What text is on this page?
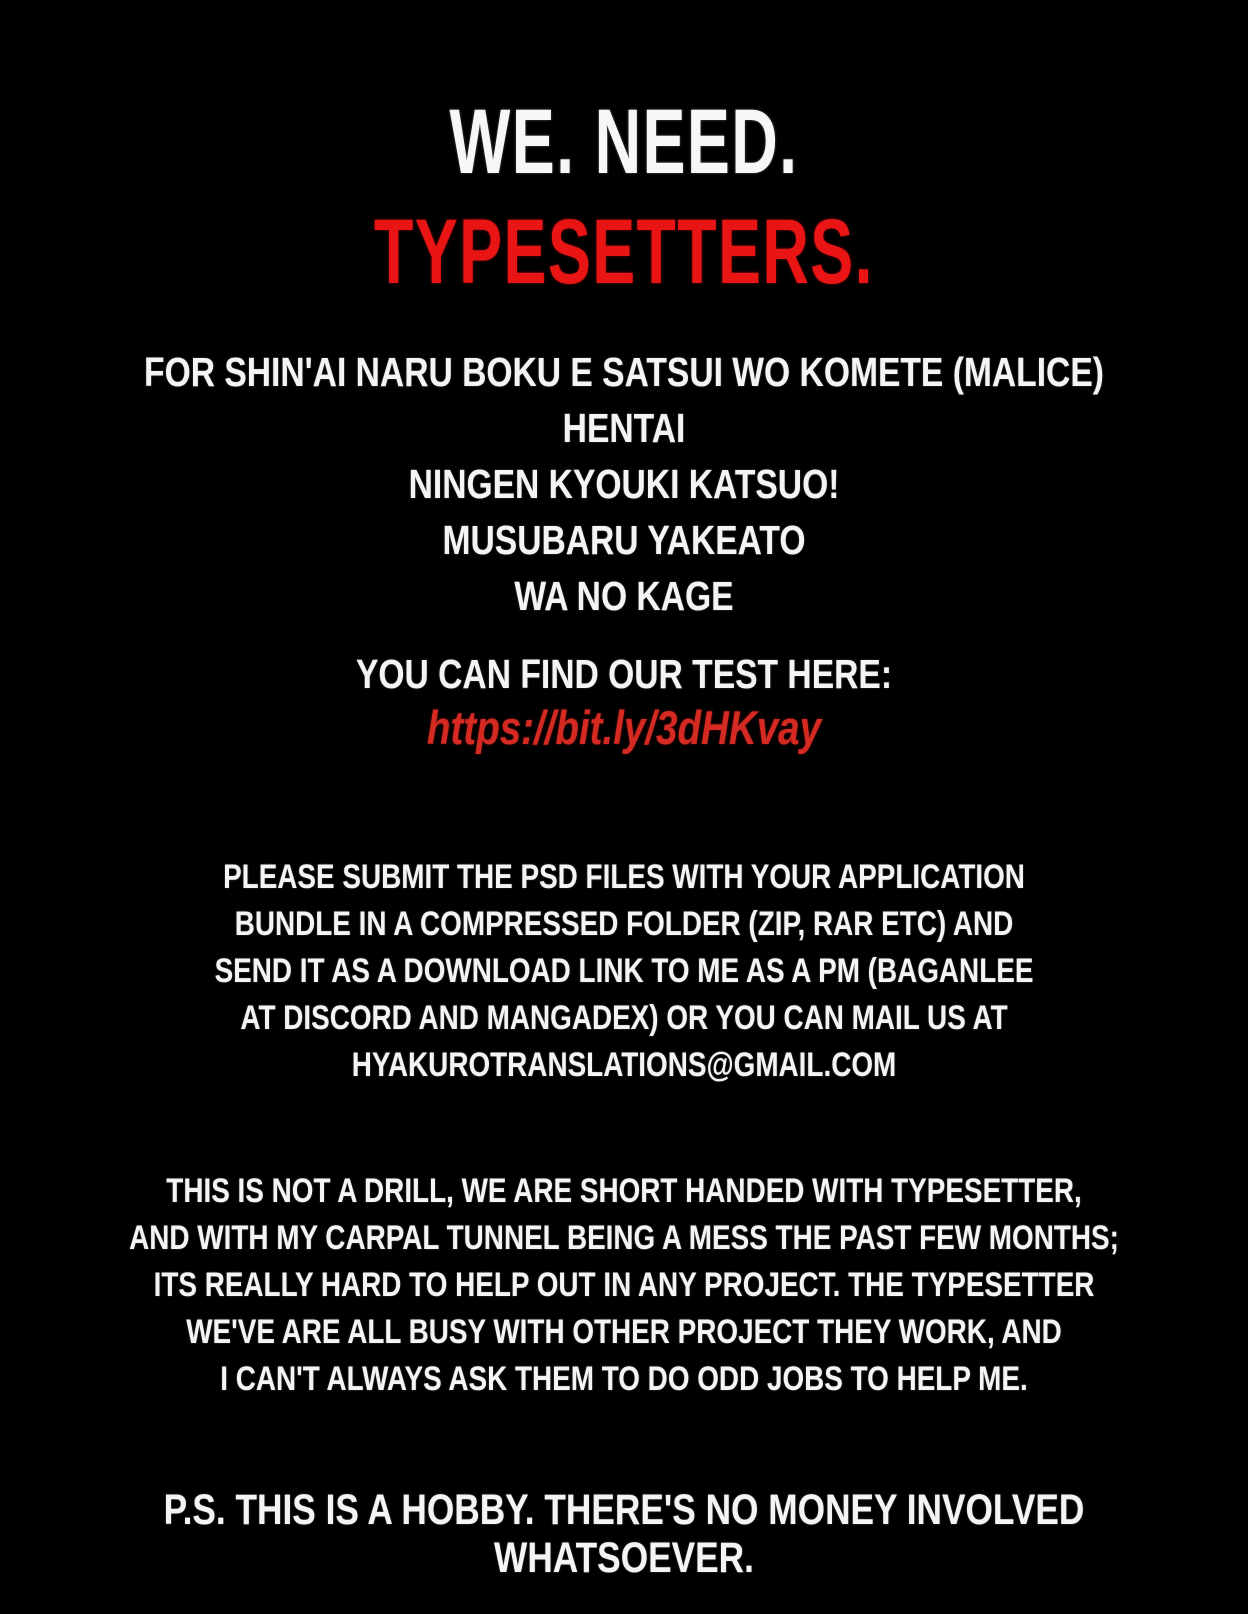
WE. NEED.
TYPESETTERS.
FOR SHIN'AI NARU BOKU E SATSUI WO KOMETE (MALICE)
HENTAI
NINGEN KYOUKI KATSUO!
MUSUBARU YAKEATO
WA NO KAGE
YOU CAN FIND OUR TEST HERE:
https://bit.ly/3dHKvay
PLEASE SUBMIT THE PSD FILES WITH YOUR APPLICATION
BUNDLE IN A COMPRESSED FOLDER (ZIP, RAR ETC) AND
SEND IT AS A DOWNLOAD LINK TO ME AS A PM (BAGANLEE
AT DISCORD AND MANGADEX) OR YOU CAN MAIL US AT
HYAKUROTRANSLATIONS@GMAIL.COM
THIS IS NOT A DRILL, WE ARE SHORT HANDED WITH TYPESETTER,
AND WITH MY CARPAL TUNNEL BEING A MESS THE PAST FEW MONTHS;
ITS REALLY HARD TO HELP OUT IN ANY PROJECT. THE TYPESETTER
WE'VE ARE ALL BUSY WITH OTHER PROJECT THEY WORK, AND
I CAN'T ALWAYS ASK THEM TO DO ODD JOBS TO HELP ME.
P.S. THIS IS A HOBBY. THERE'S NO MONEY INVOLVED WHATSOEVER.
